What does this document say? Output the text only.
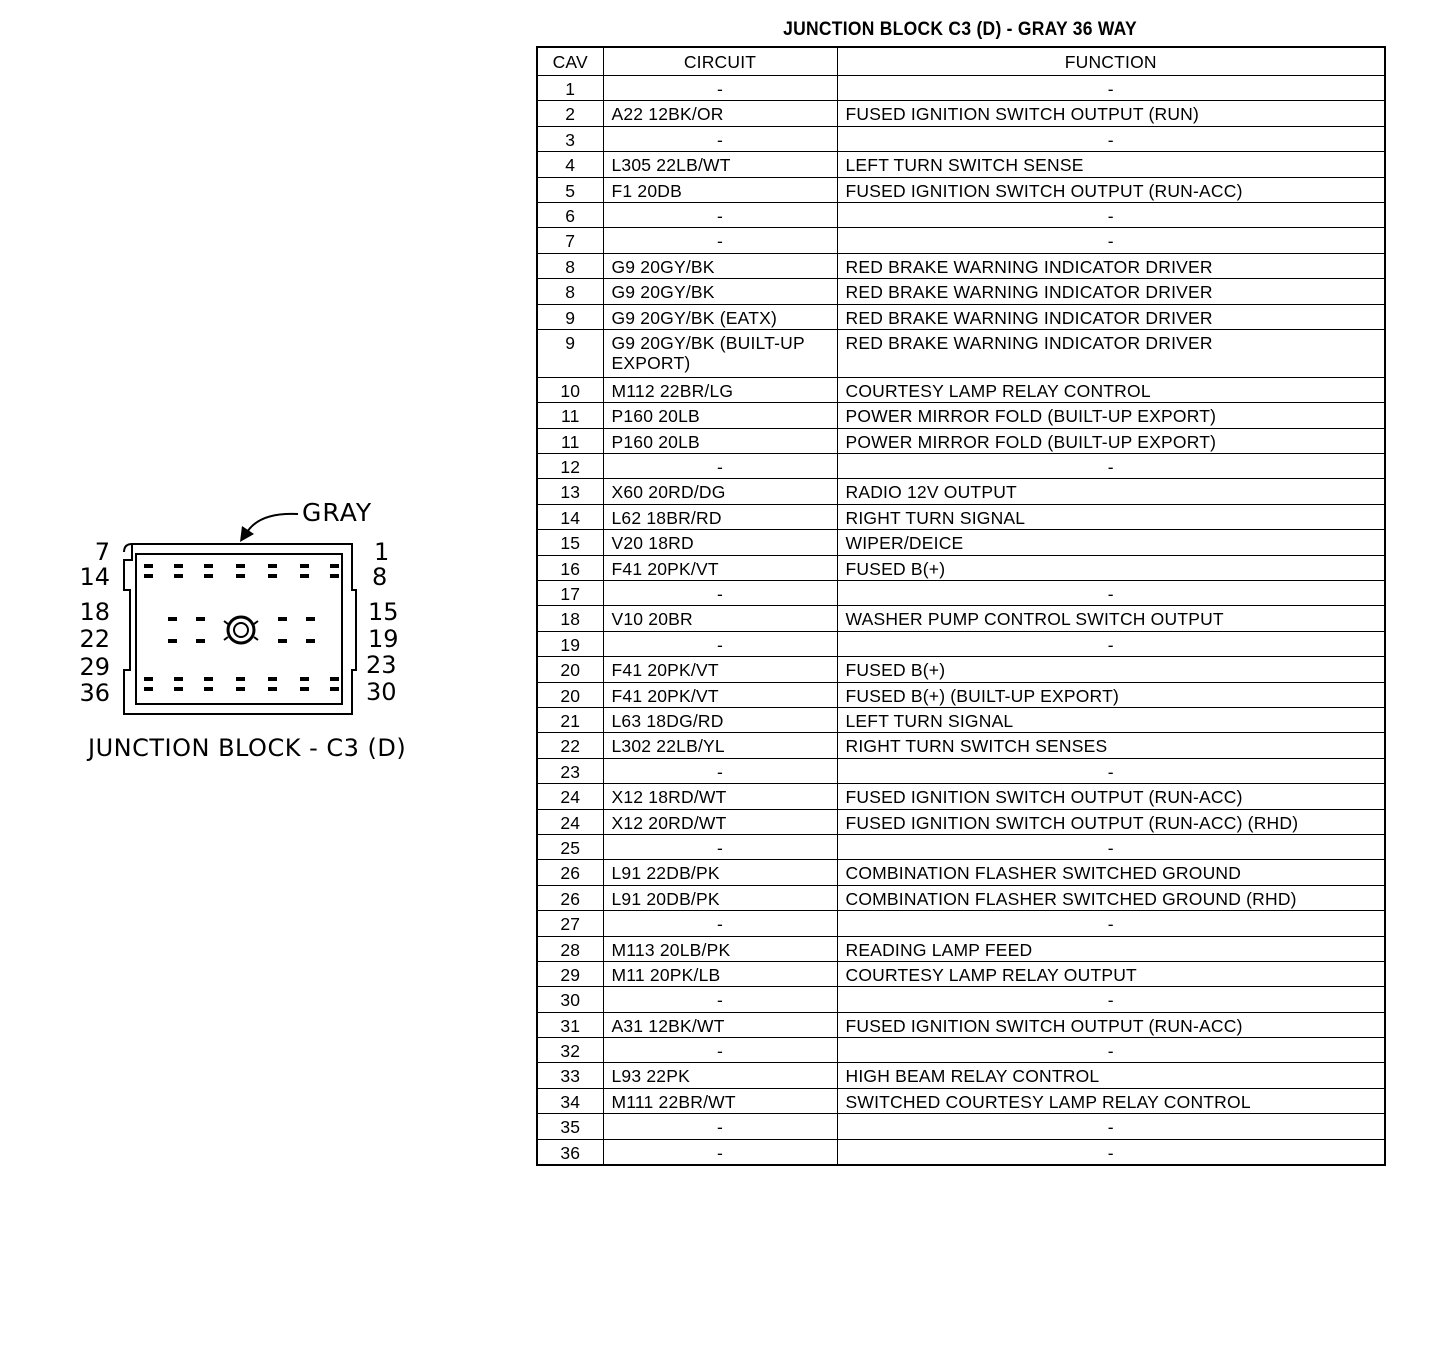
GRAY
7
14
18
22
29
36
1
8
15
19
23
30
JUNCTION BLOCK - C3 (D)
JUNCTION BLOCK C3 (D) - GRAY 36 WAY
CAV	CIRCUIT	FUNCTION
1	-	-
2	A22 12BK/OR	FUSED IGNITION SWITCH OUTPUT (RUN)
3	-	-
4	L305 22LB/WT	LEFT TURN SWITCH SENSE
5	F1 20DB	FUSED IGNITION SWITCH OUTPUT (RUN-ACC)
6	-	-
7	-	-
8	G9 20GY/BK	RED BRAKE WARNING INDICATOR DRIVER
8	G9 20GY/BK	RED BRAKE WARNING INDICATOR DRIVER
9	G9 20GY/BK (EATX)	RED BRAKE WARNING INDICATOR DRIVER
9	G9 20GY/BK (BUILT-UP EXPORT)	RED BRAKE WARNING INDICATOR DRIVER
10	M112 22BR/LG	COURTESY LAMP RELAY CONTROL
11	P160 20LB	POWER MIRROR FOLD (BUILT-UP EXPORT)
11	P160 20LB	POWER MIRROR FOLD (BUILT-UP EXPORT)
12	-	-
13	X60 20RD/DG	RADIO 12V OUTPUT
14	L62 18BR/RD	RIGHT TURN SIGNAL
15	V20 18RD	WIPER/DEICE
16	F41 20PK/VT	FUSED B(+)
17	-	-
18	V10 20BR	WASHER PUMP CONTROL SWITCH OUTPUT
19	-	-
20	F41 20PK/VT	FUSED B(+)
20	F41 20PK/VT	FUSED B(+) (BUILT-UP EXPORT)
21	L63 18DG/RD	LEFT TURN SIGNAL
22	L302 22LB/YL	RIGHT TURN SWITCH SENSES
23	-	-
24	X12 18RD/WT	FUSED IGNITION SWITCH OUTPUT (RUN-ACC)
24	X12 20RD/WT	FUSED IGNITION SWITCH OUTPUT (RUN-ACC) (RHD)
25	-	-
26	L91 22DB/PK	COMBINATION FLASHER SWITCHED GROUND
26	L91 20DB/PK	COMBINATION FLASHER SWITCHED GROUND (RHD)
27	-	-
28	M113 20LB/PK	READING LAMP FEED
29	M11 20PK/LB	COURTESY LAMP RELAY OUTPUT
30	-	-
31	A31 12BK/WT	FUSED IGNITION SWITCH OUTPUT (RUN-ACC)
32	-	-
33	L93 22PK	HIGH BEAM RELAY CONTROL
34	M111 22BR/WT	SWITCHED COURTESY LAMP RELAY CONTROL
35	-	-
36	-	-
